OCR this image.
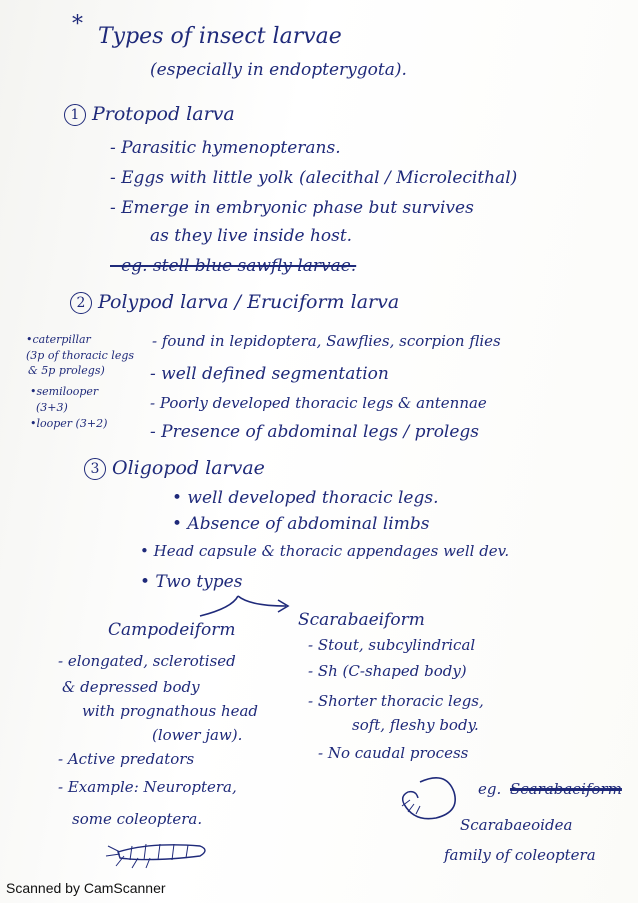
* Types of insect larvae
(especially in endopterygota).
1 Protopod larva
- Parasitic hymenopterans.
- Eggs with little yolk (alecithal / Microlecithal)
- Emerge in embryonic phase but survives
as they live inside host.
- eg. stell blue sawfly larvae.
2 Polypod larva / Eruciform larva
•caterpillar
(3p of thoracic legs
& 5p prolegs)
•semilooper
(3+3)
•looper (3+2)
- found in lepidoptera, Sawflies, scorpion flies
- well defined segmentation
- Poorly developed thoracic legs & antennae
- Presence of abdominal legs / prolegs
3 Oligopod larvae
• well developed thoracic legs.
• Absence of abdominal limbs
• Head capsule & thoracic appendages well dev.
• Two types
Campodeiform
- elongated, sclerotised
& depressed body
with prognathous head
(lower jaw).
- Active predators
- Example: Neuroptera,
some coleoptera.
Scarabaeiform
- Stout, subcylindrical
- Sh (C-shaped body)
- Shorter thoracic legs,
soft, fleshy body.
- No caudal process
eg. Scarabaeiform
Scarabaeoidea
family of coleoptera
Scanned by CamScanner
